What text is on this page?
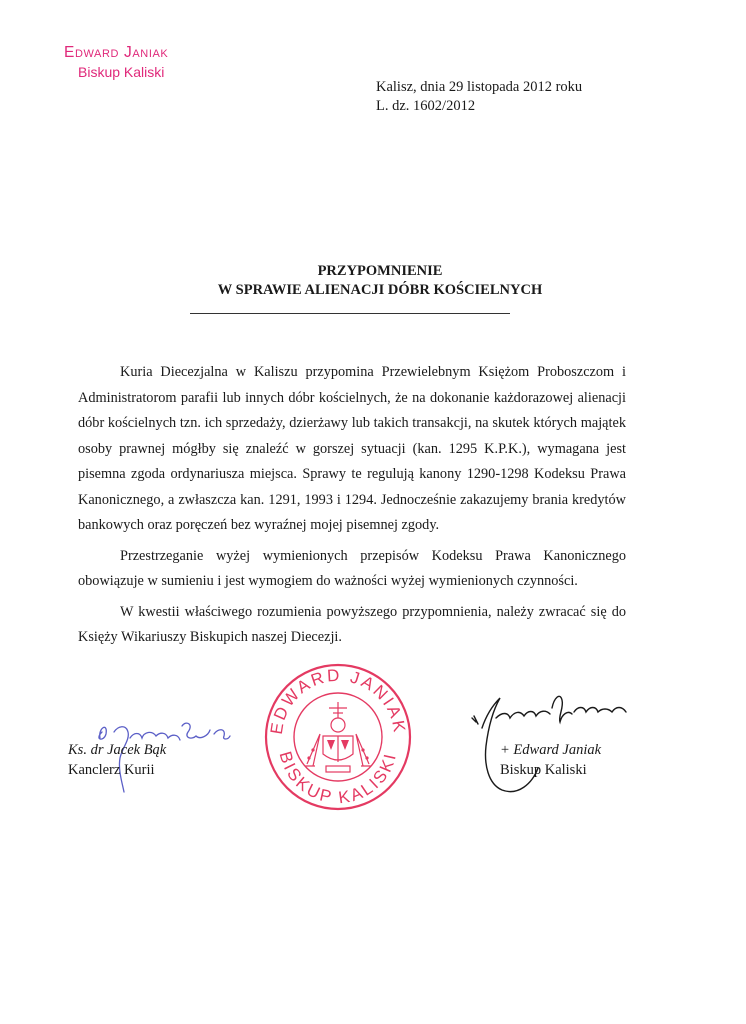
Edward Janiak
Biskup Kaliski
Kalisz, dnia 29 listopada 2012 roku
L. dz. 1602/2012
PRZYPOMNIENIE
W SPRAWIE ALIENACJI DÓBR KOŚCIELNYCH

Kuria Diecezjalna w Kaliszu przypomina Przewielebnym Księżom Proboszczom i Administratorom parafii lub innych dóbr kościelnych, że na dokonanie każdorazowej alienacji dóbr kościelnych tzn. ich sprzedaży, dzierżawy lub takich transakcji, na skutek których majątek osoby prawnej mógłby się znaleźć w gorszej sytuacji (kan. 1295 K.P.K.), wymagana jest pisemna zgoda ordynariusza miejsca. Sprawy te regulują kanony 1290-1298 Kodeksu Prawa Kanonicznego, a zwłaszcza kan. 1291, 1993 i 1294. Jednocześnie zakazujemy brania kredytów bankowych oraz poręczeń bez wyraźnej mojej pisemnej zgody.

Przestrzeganie wyżej wymienionych przepisów Kodeksu Prawa Kanonicznego obowiązuje w sumieniu i jest wymogiem do ważności wyżej wymienionych czynności.

W kwestii właściwego rozumienia powyższego przypomnienia, należy zwracać się do Księży Wikariuszy Biskupich naszej Diecezji.

EDWARD JANIAK
BISKUP KALISKI
Ks. dr Jacek Bąk
Kanclerz Kurii
+ Edward Janiak
Biskup Kaliski
